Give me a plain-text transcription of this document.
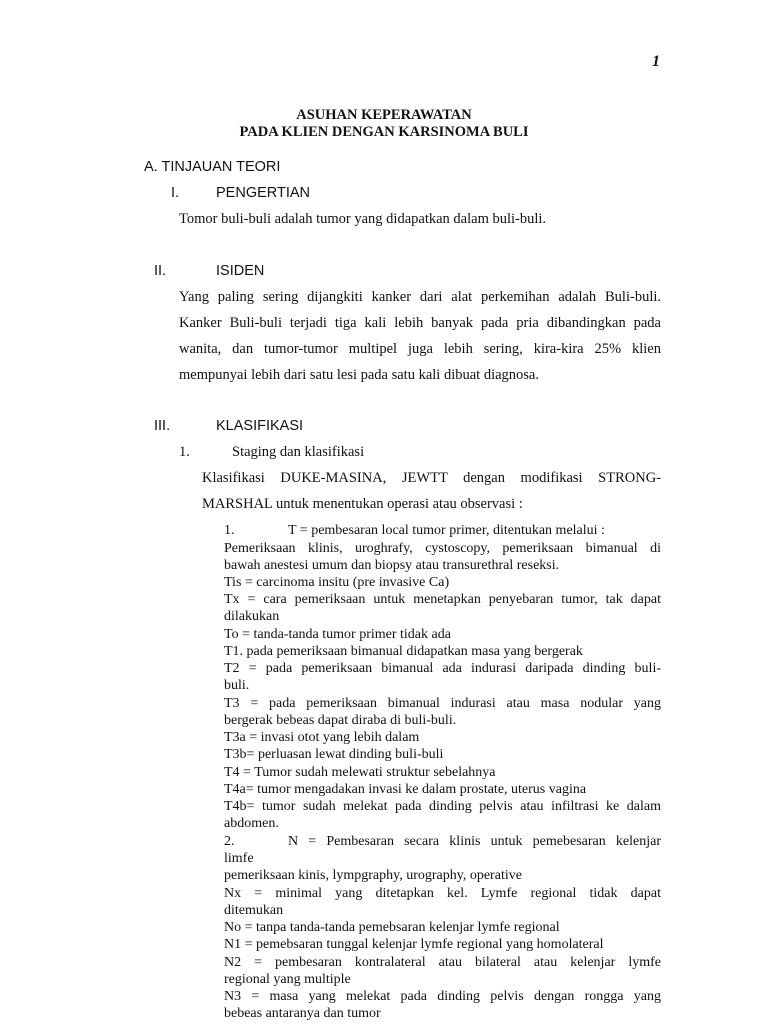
1
ASUHAN KEPERAWATAN
PADA KLIEN DENGAN KARSINOMA BULI
A. TINJAUAN TEORI
I.	PENGERTIAN
Tomor buli-buli adalah tumor yang didapatkan dalam buli-buli.
II.	ISIDEN
Yang paling sering dijangkiti kanker dari alat perkemihan adalah Buli-buli.
Kanker Buli-buli terjadi tiga kali lebih banyak pada pria dibandingkan pada
wanita, dan tumor-tumor multipel juga lebih sering, kira-kira 25% klien
mempunyai lebih dari satu lesi pada satu kali dibuat diagnosa.
III.	KLASIFIKASI
1.	Staging dan klasifikasi
Klasifikasi DUKE-MASINA, JEWTT dengan modifikasi STRONG-
MARSHAL untuk menentukan operasi atau observasi :
1.	T = pembesaran local tumor primer, ditentukan melalui :
Pemeriksaan klinis, uroghrafy, cystoscopy, pemeriksaan bimanual di
bawah anestesi umum dan biopsy atau transurethral reseksi.
Tis = carcinoma insitu (pre invasive Ca)
Tx = cara pemeriksaan untuk menetapkan penyebaran tumor, tak dapat
dilakukan
To = tanda-tanda tumor primer tidak ada
T1. pada pemeriksaan bimanual didapatkan masa yang bergerak
T2 = pada pemeriksaan bimanual ada indurasi daripada dinding buli-
buli.
T3 = pada pemeriksaan bimanual indurasi atau masa nodular yang
bergerak bebeas dapat diraba di buli-buli.
T3a = invasi otot yang lebih dalam
T3b= perluasan lewat dinding buli-buli
T4 = Tumor sudah melewati struktur sebelahnya
T4a= tumor mengadakan invasi ke dalam prostate, uterus vagina
T4b= tumor sudah melekat pada dinding pelvis atau infiltrasi ke dalam
abdomen.
2.	N = Pembesaran secara klinis untuk pemebesaran kelenjar
limfe
pemeriksaan kinis, lympgraphy, urography, operative
Nx = minimal yang ditetapkan kel. Lymfe regional tidak dapat
ditemukan
No = tanpa tanda-tanda pemebsaran kelenjar lymfe regional
N1 = pemebsaran tunggal kelenjar lymfe regional yang homolateral
N2 = pembesaran kontralateral atau bilateral atau kelenjar lymfe
regional yang multiple
N3 = masa yang melekat pada dinding pelvis dengan rongga yang
bebeas antaranya dan tumor
